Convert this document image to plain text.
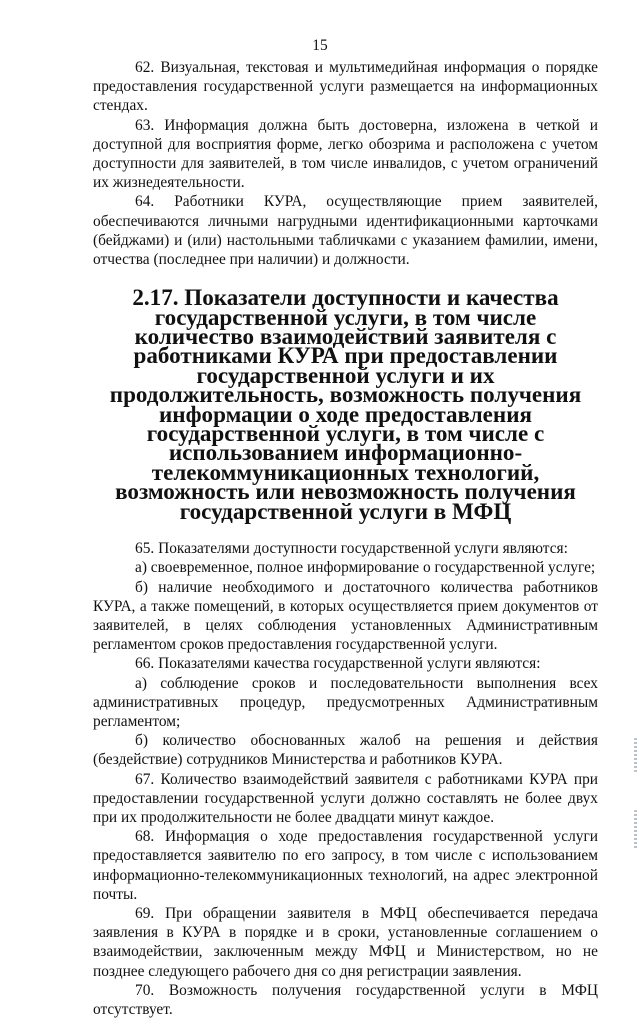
15

62. Визуальная, текстовая и мультимедийная информация о порядке предоставления государственной услуги размещается на информационных стендах.

63. Информация должна быть достоверна, изложена в четкой и доступной для восприятия форме, легко обозрима и расположена с учетом доступности для заявителей, в том числе инвалидов, с учетом ограничений их жизнедеятельности.

64. Работники КУРА, осуществляющие прием заявителей, обеспечиваются личными нагрудными идентификационными карточками (бейджами) и (или) настольными табличками с указанием фамилии, имени, отчества (последнее при наличии) и должности.

2.17. Показатели доступности и качества государственной услуги, в том числе количество взаимодействий заявителя с работниками КУРА при предоставлении государственной услуги и их продолжительность, возможность получения информации о ходе предоставления государственной услуги, в том числе с использованием информационно-телекоммуникационных технологий, возможность или невозможность получения государственной услуги в МФЦ

65. Показателями доступности государственной услуги являются:

а) своевременное, полное информирование о государственной услуге;

б) наличие необходимого и достаточного количества работников КУРА, а также помещений, в которых осуществляется прием документов от заявителей, в целях соблюдения установленных Административным регламентом сроков предоставления государственной услуги.

66. Показателями качества государственной услуги являются:

а) соблюдение сроков и последовательности выполнения всех административных процедур, предусмотренных Административным регламентом;

б) количество обоснованных жалоб на решения и действия (бездействие) сотрудников Министерства и работников КУРА.

67. Количество взаимодействий заявителя с работниками КУРА при предоставлении государственной услуги должно составлять не более двух при их продолжительности не более двадцати минут каждое.

68. Информация о ходе предоставления государственной услуги предоставляется заявителю по его запросу, в том числе с использованием информационно-телекоммуникационных технологий, на адрес электронной почты.

69. При обращении заявителя в МФЦ обеспечивается передача заявления в КУРА в порядке и в сроки, установленные соглашением о взаимодействии, заключенным между МФЦ и Министерством, но не позднее следующего рабочего дня со дня регистрации заявления.

70. Возможность получения государственной услуги в МФЦ отсутствует.
